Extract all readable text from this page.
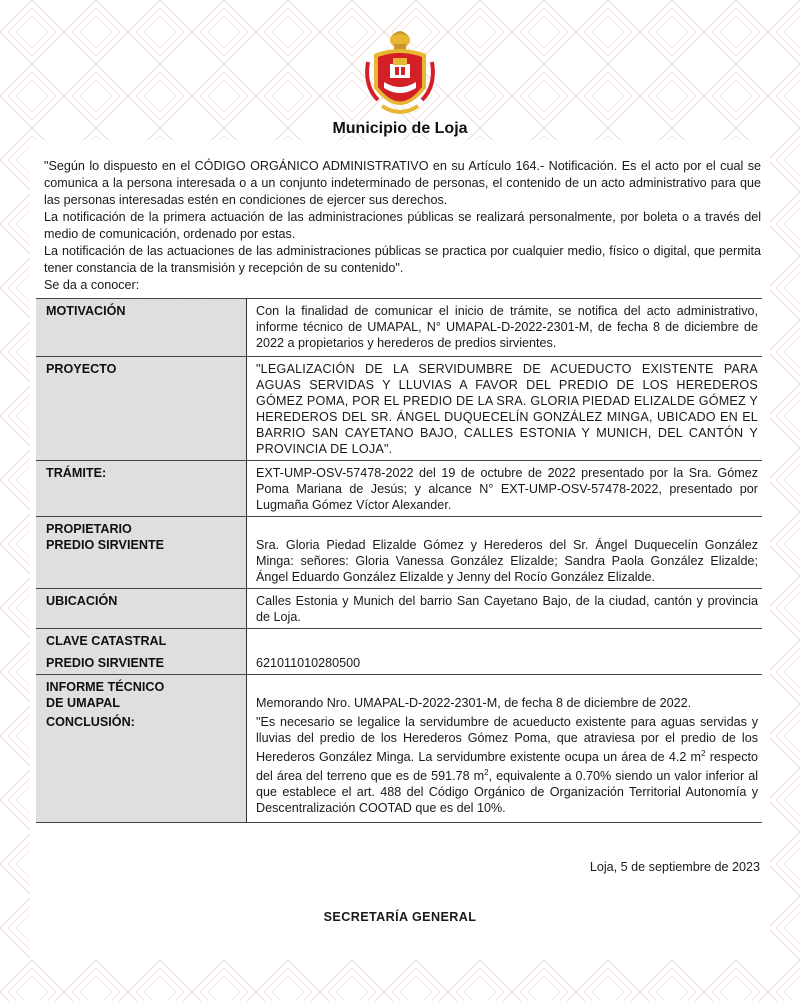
Municipio de Loja

"Según lo dispuesto en el CÓDIGO ORGÁNICO ADMINISTRATIVO en su Artículo 164.- Notificación. Es el acto por el cual se comunica a la persona interesada o a un conjunto indeterminado de personas, el contenido de un acto administrativo para que las personas interesadas estén en condiciones de ejercer sus derechos.

La notificación de la primera actuación de las administraciones públicas se realizará personalmente, por boleta o a través del medio de comunicación, ordenado por estas.

La notificación de las actuaciones de las administraciones públicas se practica por cualquier medio, físico o digital, que permita tener constancia de la transmisión y recepción de su contenido".

Se da a conocer:

MOTIVACIÓN	Con la finalidad de comunicar el inicio de trámite, se notifica del acto administrativo, informe técnico de UMAPAL, N° UMAPAL-D-2022-2301-M, de fecha 8 de diciembre de 2022 a propietarios y herederos de predios sirvientes.
PROYECTO	"LEGALIZACIÓN DE LA SERVIDUMBRE DE ACUEDUCTO EXISTENTE PARA AGUAS SERVIDAS Y LLUVIAS A FAVOR DEL PREDIO DE LOS HEREDEROS GÓMEZ POMA, POR EL PREDIO DE LA SRA. GLORIA PIEDAD ELIZALDE GÓMEZ Y HEREDEROS DEL SR. ÁNGEL DUQUECELÍN GONZÁLEZ MINGA, UBICADO EN EL BARRIO SAN CAYETANO BAJO, CALLES ESTONIA Y MUNICH, DEL CANTÓN Y PROVINCIA DE LOJA".
TRÁMITE:	EXT-UMP-OSV-57478-2022 del 19 de octubre de 2022 presentado por la Sra. Gómez Poma Mariana de Jesús; y alcance N° EXT-UMP-OSV-57478-2022, presentado por Lugmaña Gómez Víctor Alexander.

PROPIETARIO
PREDIO SIRVIENTE	Sra. Gloria Piedad Elizalde Gómez y Herederos del Sr. Ángel Duquecelín González Minga: señores: Gloria Vanessa González Elizalde; Sandra Paola González Elizalde; Ángel Eduardo González Elizalde y Jenny del Rocío González Elizalde.
UBICACIÓN	Calles Estonia y Munich del barrio San Cayetano Bajo, de la ciudad, cantón y provincia de Loja.

CLAVE CATASTRAL
PREDIO SIRVIENTE	621011010280500

INFORME TÉCNICO
DE UMAPAL	Memorando Nro. UMAPAL-D-2022-2301-M, de fecha 8 de diciembre de 2022.
CONCLUSIÓN:	"Es necesario se legalice la servidumbre de acueducto existente para aguas servidas y lluvias del predio de los Herederos Gómez Poma, que atraviesa por el predio de los Herederos González Minga. La servidumbre existente ocupa un área de 4.2 $m^2$ respecto del área del terreno que es de 591.78 $m^2$, equivalente a 0.70% siendo un valor inferior al que establece el art. 488 del Código Orgánico de Organización Territorial Autonomía y Descentralización COOTAD que es del 10%.
Loja, 5 de septiembre de 2023
SECRETARÍA GENERAL
